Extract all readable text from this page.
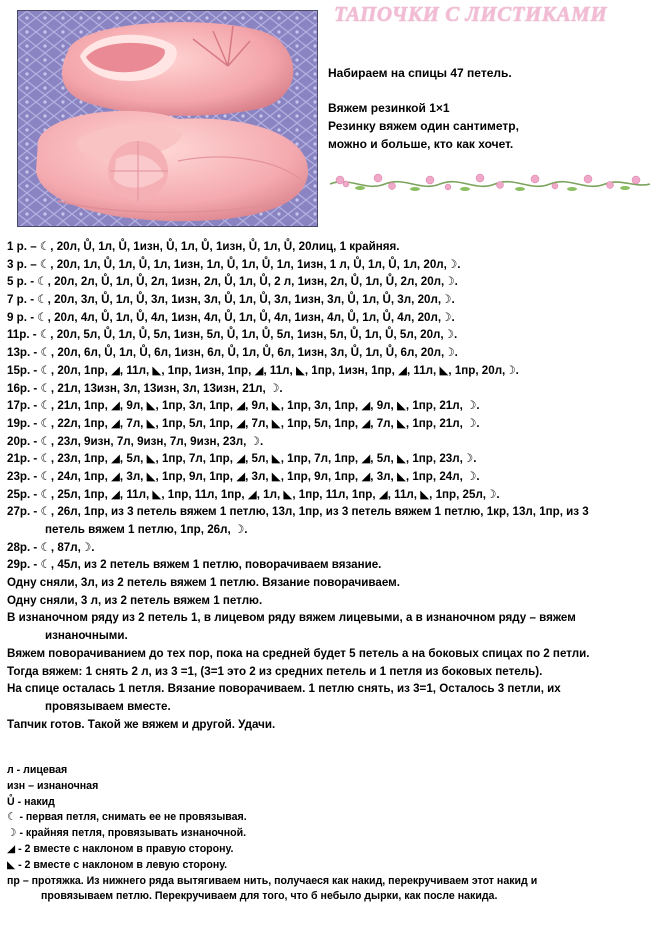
ТАПОЧКИ С ЛИСТИКАМИ
Набираем на спицы 47 петель.
Вяжем резинкой 1×1
Резинку вяжем один сантиметр,
можно и больше, кто как хочет.
1 р. – ☾, 20л, Ů, 1л, Ů, 1изн, Ů, 1л, Ů, 1изн, Ů, 1л, Ů, 20лиц, 1 крайняя.
3 р. – ☾, 20л, 1л, Ů, 1л, Ů, 1л, 1изн, 1л, Ů, 1л, Ů, 1л, 1изн, 1 л, Ů, 1л, Ů, 1л, 20л,☽.
5 р. - ☾, 20л, 2л, Ů, 1л, Ů, 2л, 1изн, 2л, Ů, 1л, Ů, 2 л, 1изн, 2л, Ů, 1л, Ů, 2л, 20л,☽.
7 р. - ☾, 20л, 3л, Ů, 1л, Ů, 3л, 1изн, 3л, Ů, 1л, Ů, 3л, 1изн, 3л, Ů, 1л, Ů, 3л, 20л,☽.
9 р. - ☾, 20л, 4л, Ů, 1л, Ů, 4л, 1изн, 4л, Ů, 1л, Ů, 4л, 1изн, 4л, Ů, 1л, Ů, 4л, 20л,☽.
11р. - ☾, 20л, 5л, Ů, 1л, Ů, 5л, 1изн, 5л, Ů, 1л, Ů, 5л, 1изн, 5л, Ů, 1л, Ů, 5л, 20л,☽.
13р. - ☾, 20л, 6л, Ů, 1л, Ů, 6л, 1изн, 6л, Ů, 1л, Ů, 6л, 1изн, 3л, Ů, 1л, Ů, 6л, 20л,☽.
15р. - ☾, 20л, 1пр, ◢, 11л, ◣, 1пр, 1изн, 1пр, ◢, 11л, ◣, 1пр, 1изн, 1пр, ◢, 11л, ◣, 1пр, 20л,☽.
16р. - ☾, 21л, 13изн, 3л, 13изн, 3л, 13изн, 21л, ☽.
17р. - ☾, 21л, 1пр, ◢, 9л, ◣, 1пр, 3л, 1пр, ◢, 9л, ◣, 1пр, 3л, 1пр, ◢, 9л, ◣, 1пр, 21л, ☽.
19р. - ☾, 22л, 1пр, ◢, 7л, ◣, 1пр, 5л, 1пр, ◢, 7л, ◣, 1пр, 5л, 1пр, ◢, 7л, ◣, 1пр, 21л, ☽.
20р. - ☾, 23л, 9изн, 7л, 9изн, 7л, 9изн, 23л, ☽.
21р. - ☾, 23л, 1пр, ◢, 5л, ◣, 1пр, 7л, 1пр, ◢, 5л, ◣, 1пр, 7л, 1пр, ◢, 5л, ◣, 1пр, 23л,☽.
23р. - ☾, 24л, 1пр, ◢, 3л, ◣, 1пр, 9л, 1пр, ◢, 3л, ◣, 1пр, 9л, 1пр, ◢, 3л, ◣, 1пр, 24л, ☽.
25р. - ☾, 25л, 1пр, ◢, 11л, ◣, 1пр, 11л, 1пр, ◢, 1л, ◣, 1пр, 11л, 1пр, ◢, 11л, ◣, 1пр, 25л,☽.
27р. - ☾, 26л, 1пр, из 3 петель вяжем 1 петлю, 13л, 1пр, из 3 петель вяжем 1 петлю, 1кр, 13л, 1пр, из 3
петель вяжем 1 петлю, 1пр, 26л, ☽.
28р. - ☾, 87л,☽.
29р. - ☾, 45л, из 2 петель вяжем 1 петлю, поворачиваем вязание.
Одну сняли, 3л, из 2 петель вяжем 1 петлю. Вязание поворачиваем.
Одну сняли, 3 л, из 2 петель вяжем 1 петлю.
В изнаночном ряду из 2 петель 1, в лицевом ряду вяжем лицевыми, а в изнаночном ряду – вяжем
изнаночными.
Вяжем поворачиванием до тех пор, пока на средней будет 5 петель а на боковых спицах по 2 петли.
Тогда вяжем: 1 снять 2 л, из 3 =1, (3=1 это 2 из средних петель и 1 петля из боковых петель).
На спице осталась 1 петля. Вязание поворачиваем. 1 петлю снять, из 3=1, Осталось 3 петли, их
провязываем вместе.
Тапчик готов. Такой же вяжем и другой. Удачи.
л - лицевая
изн – изнаночная
Ů - накид
☾ - первая петля, снимать ее не провязывая.
☽ - крайняя петля, провязывать изнаночной.
◢ - 2 вместе с наклоном в правую сторону.
◣ - 2 вместе с наклоном в левую сторону.
пр – протяжка. Из нижнего ряда вытягиваем нить, получаеся как накид, перекручиваем этот накид и
провязываем петлю. Перекручиваем для того, что б небыло дырки, как после накида.
